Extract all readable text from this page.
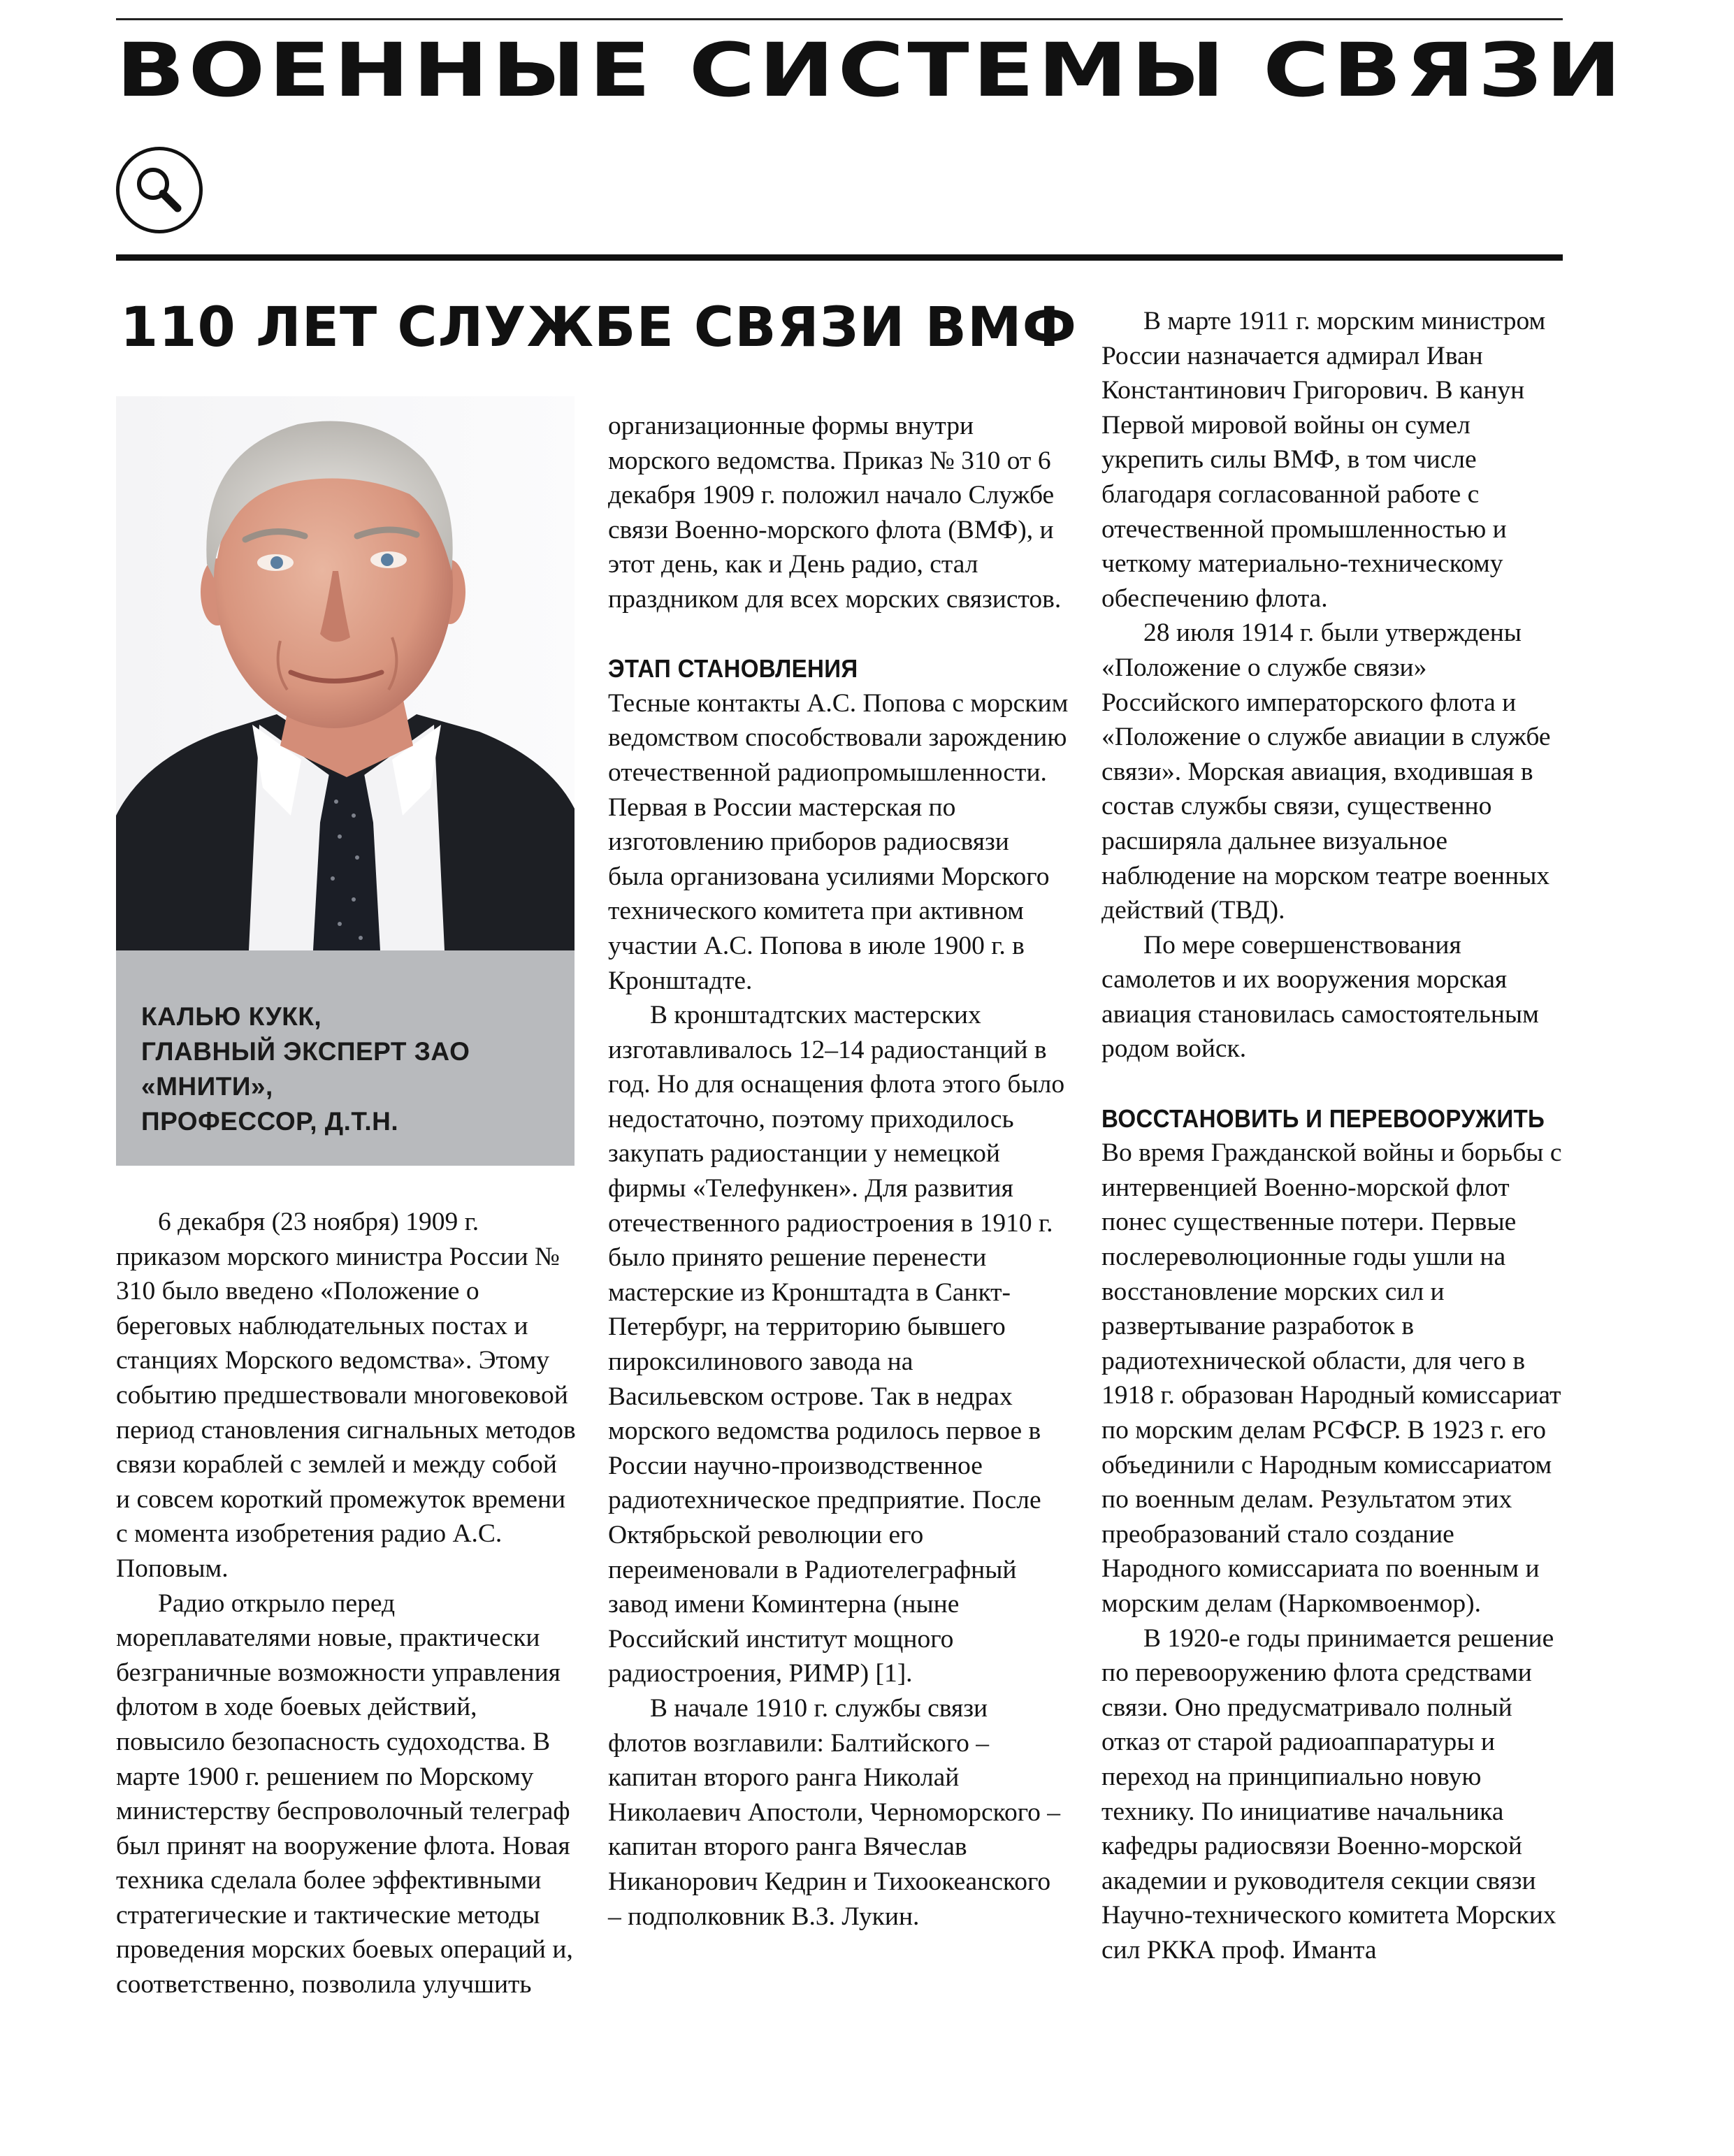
ВОЕННЫЕ СИСТЕМЫ СВЯЗИ
110 ЛЕТ СЛУЖБЕ СВЯЗИ ВМФ
КАЛЬЮ КУКК,
ГЛАВНЫЙ ЭКСПЕРТ ЗАО «МНИТИ»,
ПРОФЕССОР, Д.Т.Н.

6 декабря (23 ноября) 1909 г. приказом морского министра России № 310 было введено «Положение о береговых наблюдательных постах и станциях Морского ведомства». Этому событию предшествовали многовековой период становления сигнальных методов связи кораблей с землей и между собой и совсем короткий промежуток времени с момента изобретения радио А.С. Поповым.

Радио открыло перед мореплавателями новые, практически безграничные возможности управления флотом в ходе боевых действий, повысило безопасность судоходства. В марте 1900 г. решением по Морскому министерству беспроволочный телеграф был принят на вооружение флота. Новая техника сделала более эффективными стратегические и тактические методы проведения морских боевых операций и, соответственно, позволила улучшить

организационные формы внутри морского ведомства. Приказ № 310 от 6 декабря 1909 г. положил начало Службе связи Военно-морского флота (ВМФ), и этот день, как и День радио, стал праздником для всех морских связистов.

ЭТАП СТАНОВЛЕНИЯ

Тесные контакты А.С. Попова с морским ведомством способствовали зарождению отечественной радиопромышленности. Первая в России мастерская по изготовлению приборов радиосвязи была организована усилиями Морского технического комитета при активном участии А.С. Попова в июле 1900 г. в Кронштадте.

В кронштадтских мастерских изготавливалось 12–14 радиостанций в год. Но для оснащения флота этого было недостаточно, поэтому приходилось закупать радиостанции у немецкой фирмы «Телефункен». Для развития отечественного радиостроения в 1910 г. было принято решение перенести мастерские из Кронштадта в Санкт-Петербург, на территорию бывшего пироксилинового завода на Васильевском острове. Так в недрах морского ведомства родилось первое в России научно-производственное радиотехническое предприятие. После Октябрьской революции его переименовали в Радиотелеграфный завод имени Коминтерна (ныне Российский институт мощного радиостроения, РИМР) [1].

В начале 1910 г. службы связи флотов возглавили: Балтийского – капитан второго ранга Николай Николаевич Апостоли, Черноморского – капитан второго ранга Вячеслав Никанорович Кедрин и Тихоокеанского – подполковник В.З. Лукин.

В марте 1911 г. морским министром России назначается адмирал Иван Константинович Григорович. В канун Первой мировой войны он сумел укрепить силы ВМФ, в том числе благодаря согласованной работе с отечественной промышленностью и четкому материально-техническому обеспечению флота.

28 июля 1914 г. были утверждены «Положение о службе связи» Российского императорского флота и «Положение о службе авиации в службе связи». Морская авиация, входившая в состав службы связи, существенно расширяла дальнее визуальное наблюдение на морском театре военных действий (ТВД).

По мере совершенствования самолетов и их вооружения морская авиация становилась самостоятельным родом войск.

ВОССТАНОВИТЬ И ПЕРЕВООРУЖИТЬ

Во время Гражданской войны и борьбы с интервенцией Военно-морской флот понес существенные потери. Первые послереволюционные годы ушли на восстановление морских сил и развертывание разработок в радиотехнической области, для чего в 1918 г. образован Народный комиссариат по морским делам РСФСР. В 1923 г. его объединили с Народным комиссариатом по военным делам. Результатом этих преобразований стало создание Народного комиссариата по военным и морским делам (Наркомвоенмор).

В 1920-е годы принимается решение по перевооружению флота средствами связи. Оно предусматривало полный отказ от старой радиоаппаратуры и переход на принципиально новую технику. По инициативе начальника кафедры радиосвязи Военно-морской академии и руководителя секции связи Научно-технического комитета Морских сил РККА проф. Иманта
